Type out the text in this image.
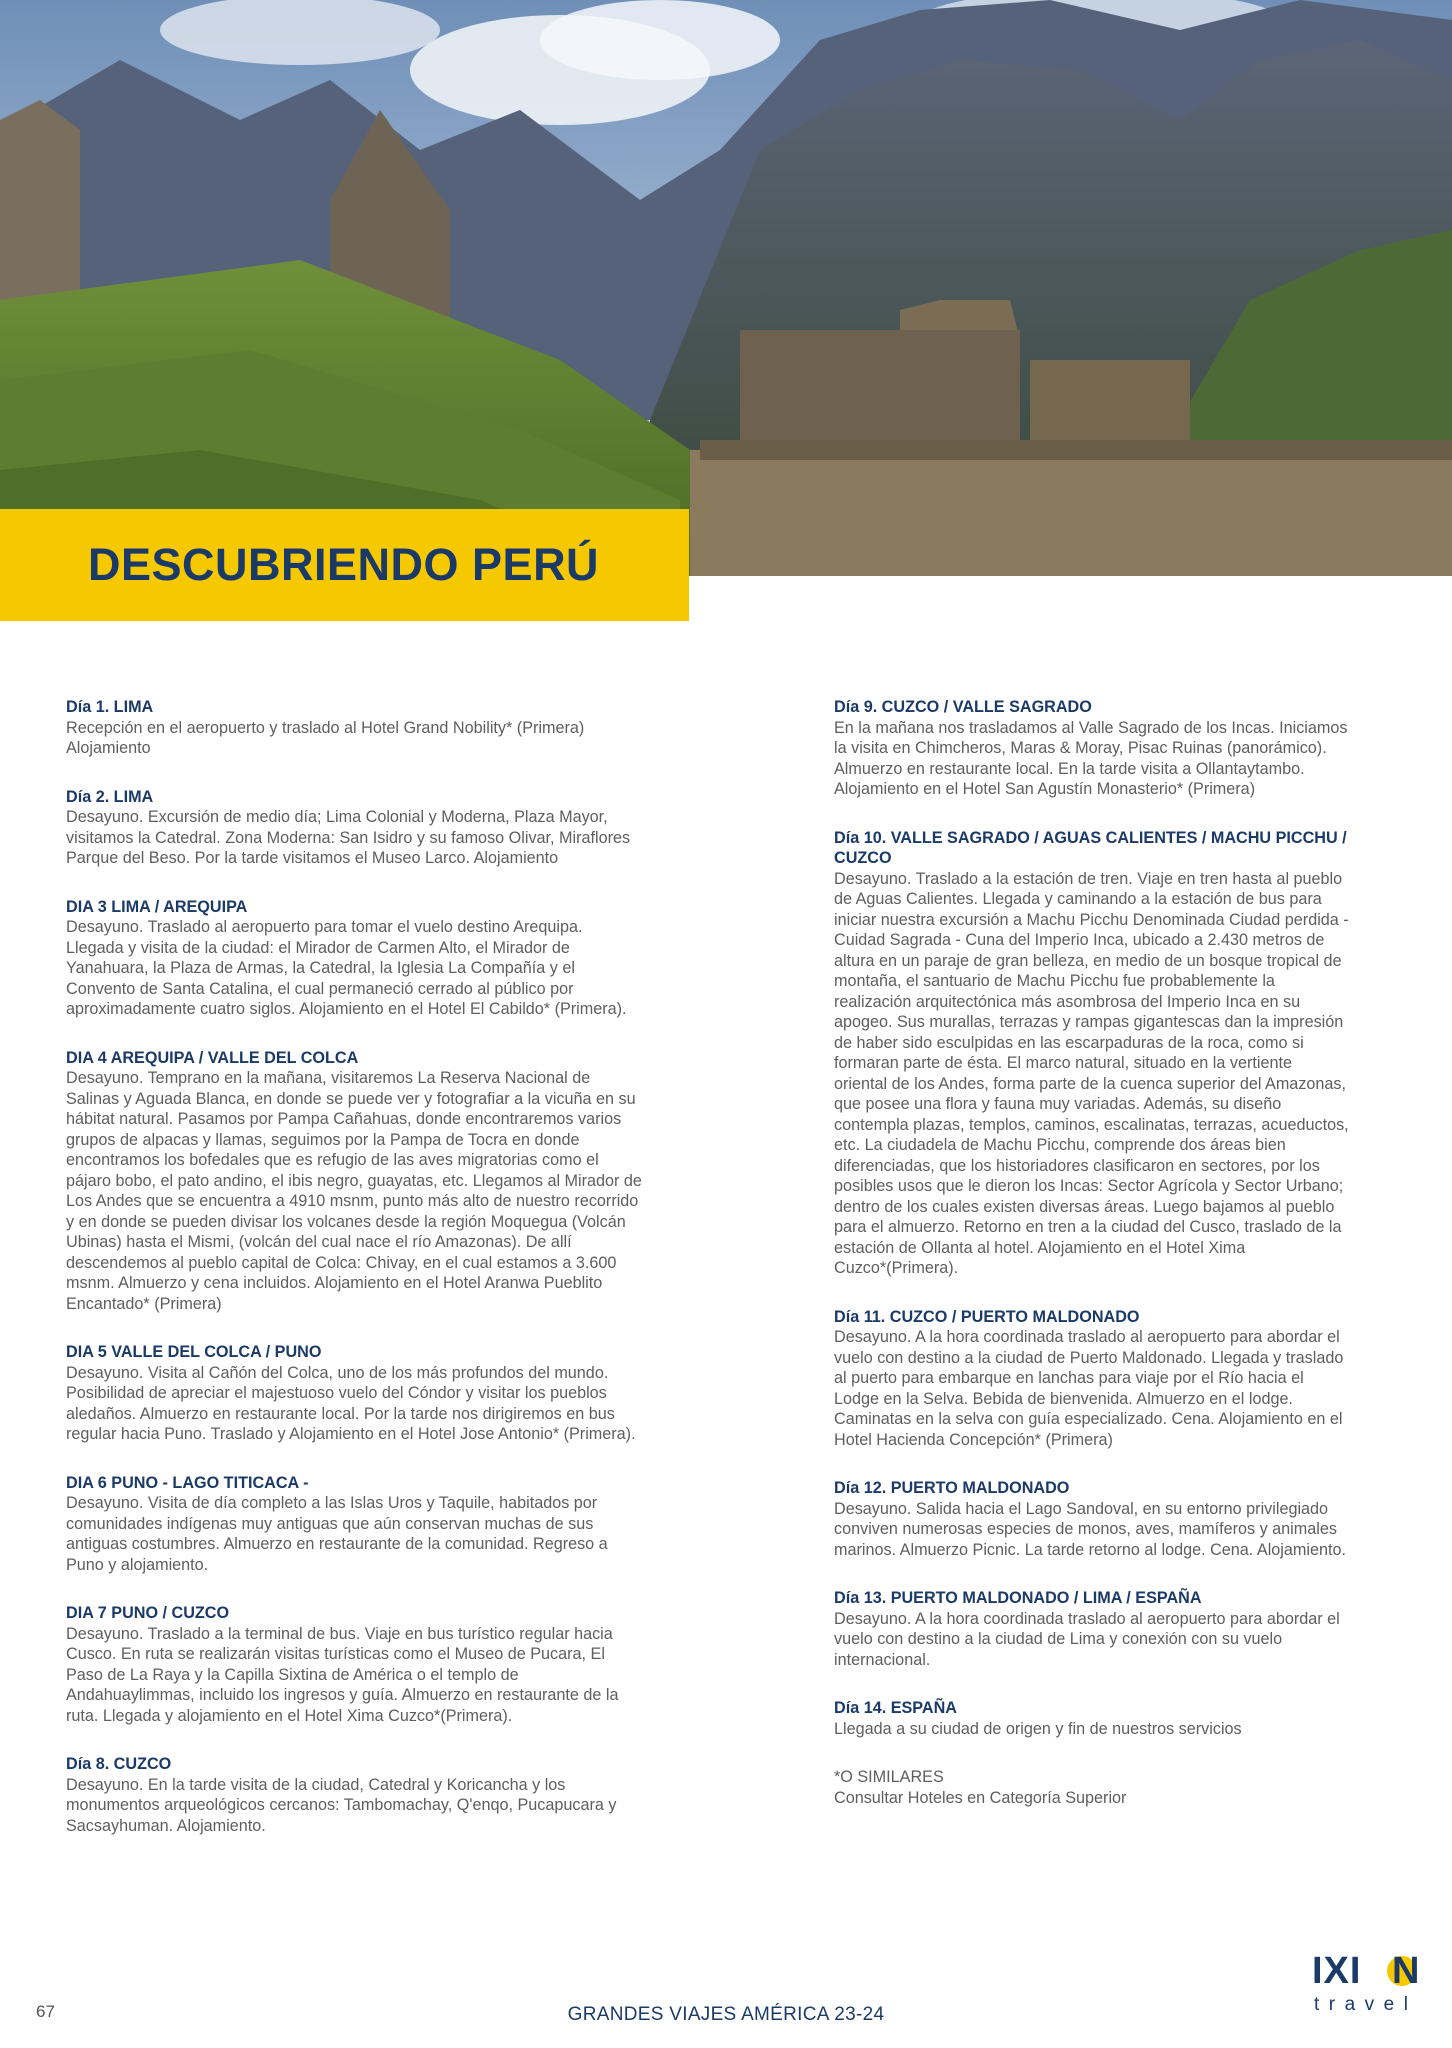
DESCUBRIENDO PERÚ

Día 1. LIMA

Recepción en el aeropuerto y traslado al Hotel Grand Nobility* (Primera)
Alojamiento

Día 2. LIMA

Desayuno. Excursión de medio día; Lima Colonial y Moderna, Plaza Mayor,
visitamos la Catedral. Zona Moderna: San Isidro y su famoso Olivar, Miraflores
Parque del Beso. Por la tarde visitamos el Museo Larco. Alojamiento

DIA 3 LIMA / AREQUIPA

Desayuno. Traslado al aeropuerto para tomar el vuelo destino Arequipa.
Llegada y visita de la ciudad: el Mirador de Carmen Alto, el Mirador de
Yanahuara, la Plaza de Armas, la Catedral, la Iglesia La Compañía y el
Convento de Santa Catalina, el cual permaneció cerrado al público por
aproximadamente cuatro siglos. Alojamiento en el Hotel El Cabildo* (Primera).

DIA 4 AREQUIPA / VALLE DEL COLCA

Desayuno. Temprano en la mañana, visitaremos La Reserva Nacional de
Salinas y Aguada Blanca, en donde se puede ver y fotografiar a la vicuña en su
hábitat natural. Pasamos por Pampa Cañahuas, donde encontraremos varios
grupos de alpacas y llamas, seguimos por la Pampa de Tocra en donde
encontramos los bofedales que es refugio de las aves migratorias como el
pájaro bobo, el pato andino, el ibis negro, guayatas, etc. Llegamos al Mirador de
Los Andes que se encuentra a 4910 msnm, punto más alto de nuestro recorrido
y en donde se pueden divisar los volcanes desde la región Moquegua (Volcán
Ubinas) hasta el Mismi, (volcán del cual nace el río Amazonas). De allí
descendemos al pueblo capital de Colca: Chivay, en el cual estamos a 3.600
msnm. Almuerzo y cena incluidos. Alojamiento en el Hotel Aranwa Pueblito
Encantado* (Primera)

DIA 5 VALLE DEL COLCA / PUNO

Desayuno. Visita al Cañón del Colca, uno de los más profundos del mundo.
Posibilidad de apreciar el majestuoso vuelo del Cóndor y visitar los pueblos
aledaños. Almuerzo en restaurante local. Por la tarde nos dirigiremos en bus
regular hacia Puno. Traslado y Alojamiento en el Hotel Jose Antonio* (Primera).

DIA 6 PUNO - LAGO TITICACA -

Desayuno. Visita de día completo a las Islas Uros y Taquile, habitados por
comunidades indígenas muy antiguas que aún conservan muchas de sus
antiguas costumbres. Almuerzo en restaurante de la comunidad. Regreso a
Puno y alojamiento.

DIA 7 PUNO / CUZCO

Desayuno. Traslado a la terminal de bus. Viaje en bus turístico regular hacia
Cusco. En ruta se realizarán visitas turísticas como el Museo de Pucara, El
Paso de La Raya y la Capilla Sixtina de América o el templo de
Andahuaylimmas, incluido los ingresos y guía. Almuerzo en restaurante de la
ruta. Llegada y alojamiento en el Hotel Xima Cuzco*(Primera).

Día 8. CUZCO

Desayuno. En la tarde visita de la ciudad, Catedral y Koricancha y los
monumentos arqueológicos cercanos: Tambomachay, Q'enqo, Pucapucara y
Sacsayhuman. Alojamiento.

Día 9. CUZCO / VALLE SAGRADO

En la mañana nos trasladamos al Valle Sagrado de los Incas. Iniciamos
la visita en Chimcheros, Maras & Moray, Pisac Ruinas (panorámico).
Almuerzo en restaurante local. En la tarde visita a Ollantaytambo.
Alojamiento en el Hotel San Agustín Monasterio* (Primera)

Día 10. VALLE SAGRADO / AGUAS CALIENTES / MACHU PICCHU /
CUZCO

Desayuno. Traslado a la estación de tren. Viaje en tren hasta al pueblo
de Aguas Calientes. Llegada y caminando a la estación de bus para
iniciar nuestra excursión a Machu Picchu Denominada Ciudad perdida -
Cuidad Sagrada - Cuna del Imperio Inca, ubicado a 2.430 metros de
altura en un paraje de gran belleza, en medio de un bosque tropical de
montaña, el santuario de Machu Picchu fue probablemente la
realización arquitectónica más asombrosa del Imperio Inca en su
apogeo. Sus murallas, terrazas y rampas gigantescas dan la impresión
de haber sido esculpidas en las escarpaduras de la roca, como si
formaran parte de ésta. El marco natural, situado en la vertiente
oriental de los Andes, forma parte de la cuenca superior del Amazonas,
que posee una flora y fauna muy variadas. Además, su diseño
contempla plazas, templos, caminos, escalinatas, terrazas, acueductos,
etc. La ciudadela de Machu Picchu, comprende dos áreas bien
diferenciadas, que los historiadores clasificaron en sectores, por los
posibles usos que le dieron los Incas: Sector Agrícola y Sector Urbano;
dentro de los cuales existen diversas áreas. Luego bajamos al pueblo
para el almuerzo. Retorno en tren a la ciudad del Cusco, traslado de la
estación de Ollanta al hotel. Alojamiento en el Hotel Xima
Cuzco*(Primera).

Día 11. CUZCO / PUERTO MALDONADO

Desayuno. A la hora coordinada traslado al aeropuerto para abordar el
vuelo con destino a la ciudad de Puerto Maldonado. Llegada y traslado
al puerto para embarque en lanchas para viaje por el Río hacia el
Lodge en la Selva. Bebida de bienvenida. Almuerzo en el lodge.
Caminatas en la selva con guía especializado. Cena. Alojamiento en el
Hotel Hacienda Concepción* (Primera)

Día 12. PUERTO MALDONADO

Desayuno. Salida hacia el Lago Sandoval, en su entorno privilegiado
conviven numerosas especies de monos, aves, mamíferos y animales
marinos. Almuerzo Picnic. La tarde retorno al lodge. Cena. Alojamiento.

Día 13. PUERTO MALDONADO / LIMA / ESPAÑA

Desayuno. A la hora coordinada traslado al aeropuerto para abordar el
vuelo con destino a la ciudad de Lima y conexión con su vuelo
internacional.

Día 14. ESPAÑA

Llegada a su ciudad de origen y fin de nuestros servicios

*O SIMILARES
Consultar Hoteles en Categoría Superior

67	GRANDES VIAJES AMÉRICA 23-24
IXI N
travel
